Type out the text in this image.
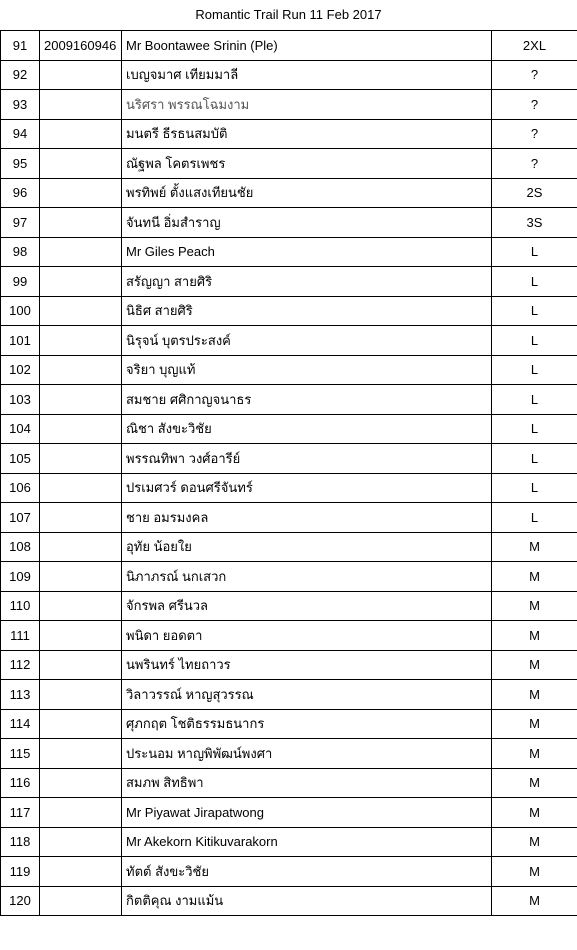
Romantic Trail Run 11 Feb 2017
91	2009160946	Mr Boontawee Srinin (Ple)	2XL
92		เบญจมาศ เทียมมาลี	?
93		นริศรา พรรณโฉมงาม	?
94		มนตรี ธีรธนสมบัติ	?
95		ณัฐพล โคตรเพชร	?
96		พรทิพย์ ตั้งแสงเทียนชัย	2S
97		จันทนี อิ่มสำราญ	3S
98		Mr Giles Peach	L
99		สรัญญา สายศิริ	L
100		นิธิศ สายศิริ	L
101		นิรุจน์ บุตรประสงค์	L
102		จริยา บุญแท้	L
103		สมชาย ศศิกาญจนาธร	L
104		ณิชา สังขะวิชัย	L
105		พรรณทิพา วงศ์อารีย์	L
106		ปรเมศวร์ ดอนศรีจันทร์	L
107		ชาย อมรมงคล	L
108		อุทัย น้อยใย	M
109		นิภาภรณ์ นกเสวก	M
110		จักรพล ศรีนวล	M
111		พนิดา ยอดตา	M
112		นพรินทร์ ไทยถาวร	M
113		วิลาวรรณ์ หาญสุวรรณ	M
114		ศุภกฤต โชติธรรมธนากร	M
115		ประนอม หาญพิพัฒน์พงศา	M
116		สมภพ สิทธิพา	M
117		Mr Piyawat Jirapatwong	M
118		Mr Akekorn Kitikuvarakorn	M
119		ทัตต์ สังขะวิชัย	M
120		กิตติคุณ งามแม้น	M
